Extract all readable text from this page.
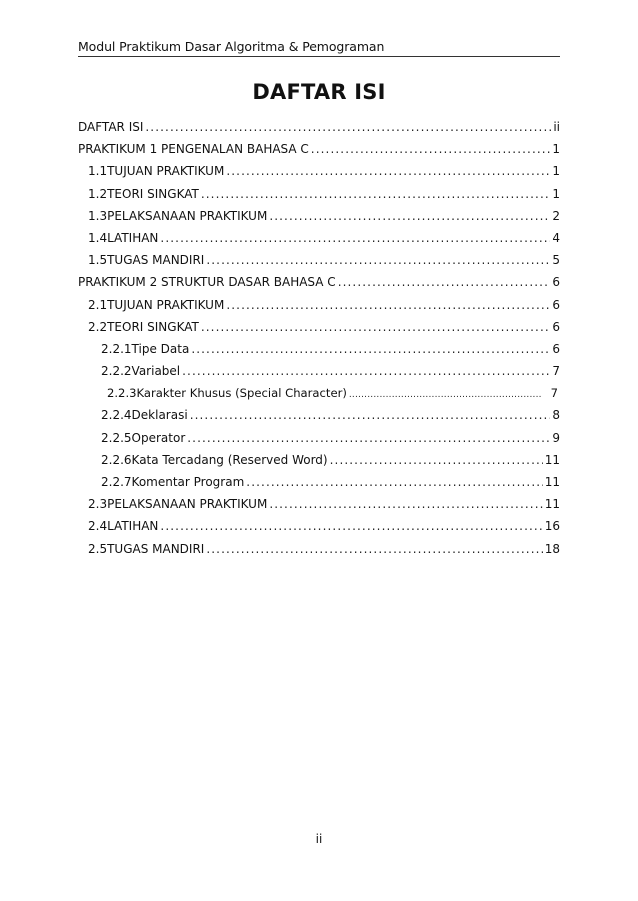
Modul Praktikum Dasar Algoritma & Pemograman
DAFTAR ISI
DAFTAR ISI .....	ii
PRAKTIKUM 1 PENGENALAN BAHASA C .....	1
1.1 TUJUAN PRAKTIKUM .....	1
1.2 TEORI SINGKAT .....	1
1.3 PELAKSANAAN PRAKTIKUM .....	2
1.4 LATIHAN .....	4
1.5 TUGAS MANDIRI .....	5
PRAKTIKUM 2 STRUKTUR DASAR BAHASA C .....	6
2.1 TUJUAN PRAKTIKUM .....	6
2.2 TEORI SINGKAT .....	6
2.2.1 Tipe Data .....	6
2.2.2 Variabel .....	7
2.2.3 Karakter Khusus (Special Character) .....	7
2.2.4 Deklarasi .....	8
2.2.5 Operator .....	9
2.2.6 Kata Tercadang (Reserved Word) .....	11
2.2.7 Komentar Program .....	11
2.3 PELAKSANAAN PRAKTIKUM .....	11
2.4 LATIHAN .....	16
2.5 TUGAS MANDIRI .....	18
ii
